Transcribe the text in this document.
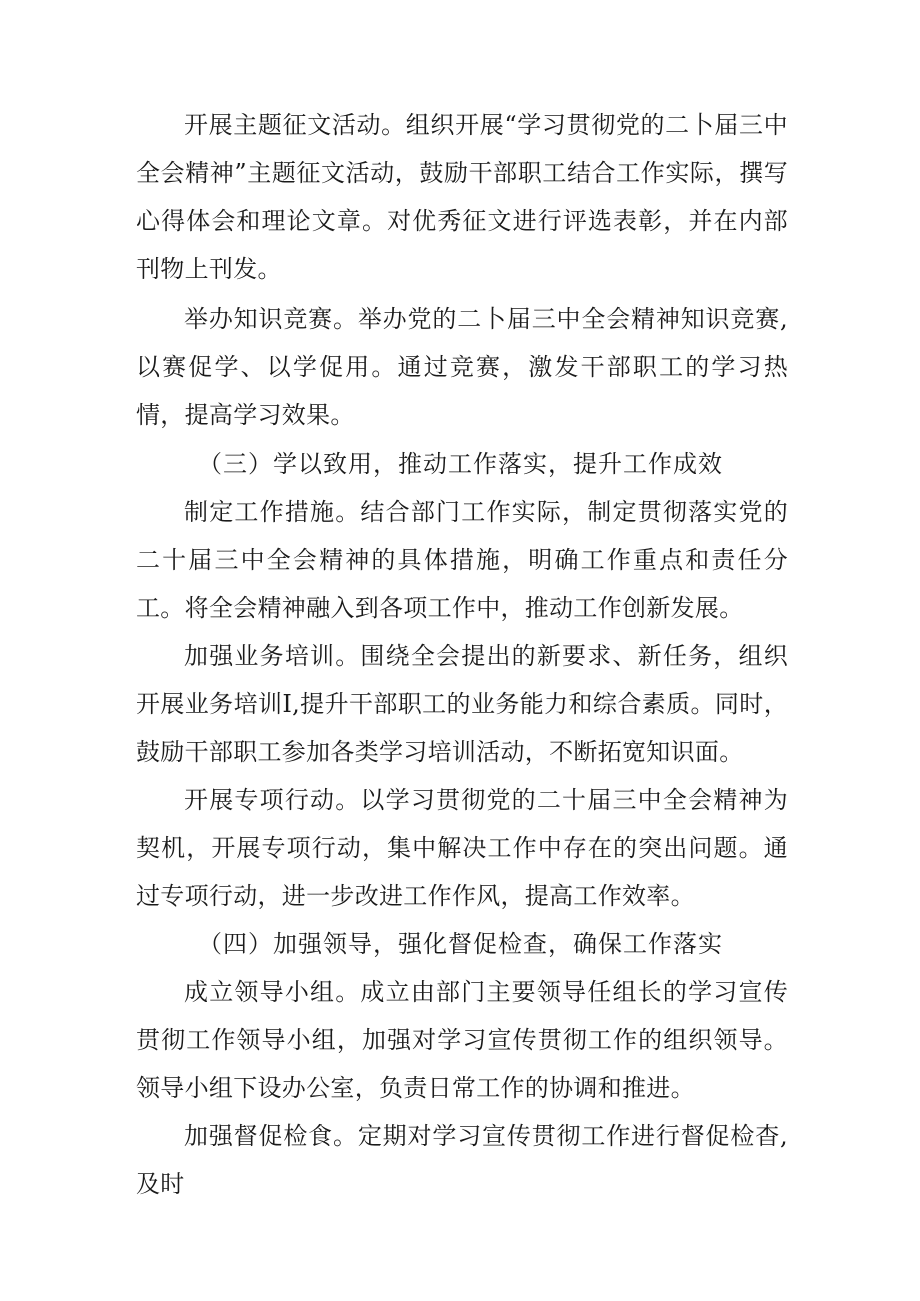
开展主题征文活动。组织开展“学习贯彻党的二卜届三中全会精神”主题征文活动，鼓励干部职工结合工作实际，撰写心得体会和理论文章。对优秀征文进行评选表彰，并在内部刊物上刊发。

举办知识竞赛。举办党的二卜届三中全会精神知识竞赛,以赛促学、以学促用。通过竞赛，激发干部职工的学习热情，提高学习效果。

（三）学以致用，推动工作落实，提升工作成效

制定工作措施。结合部门工作实际，制定贯彻落实党的二十届三中全会精神的具体措施，明确工作重点和责任分工。将全会精神融入到各项工作中，推动工作创新发展。

加强业务培训。围绕全会提出的新要求、新任务，组织开展业务培训I,提升干部职工的业务能力和综合素质。同时，鼓励干部职工参加各类学习培训活动，不断拓宽知识面。

开展专项行动。以学习贯彻党的二十届三中全会精神为契机，开展专项行动，集中解决工作中存在的突出问题。通过专项行动，进一步改进工作作风，提高工作效率。

（四）加强领导，强化督促检查，确保工作落实

成立领导小组。成立由部门主要领导任组长的学习宣传贯彻工作领导小组，加强对学习宣传贯彻工作的组织领导。领导小组下设办公室，负责日常工作的协调和推进。

加强督促检食。定期对学习宣传贯彻工作进行督促检杳,及时
